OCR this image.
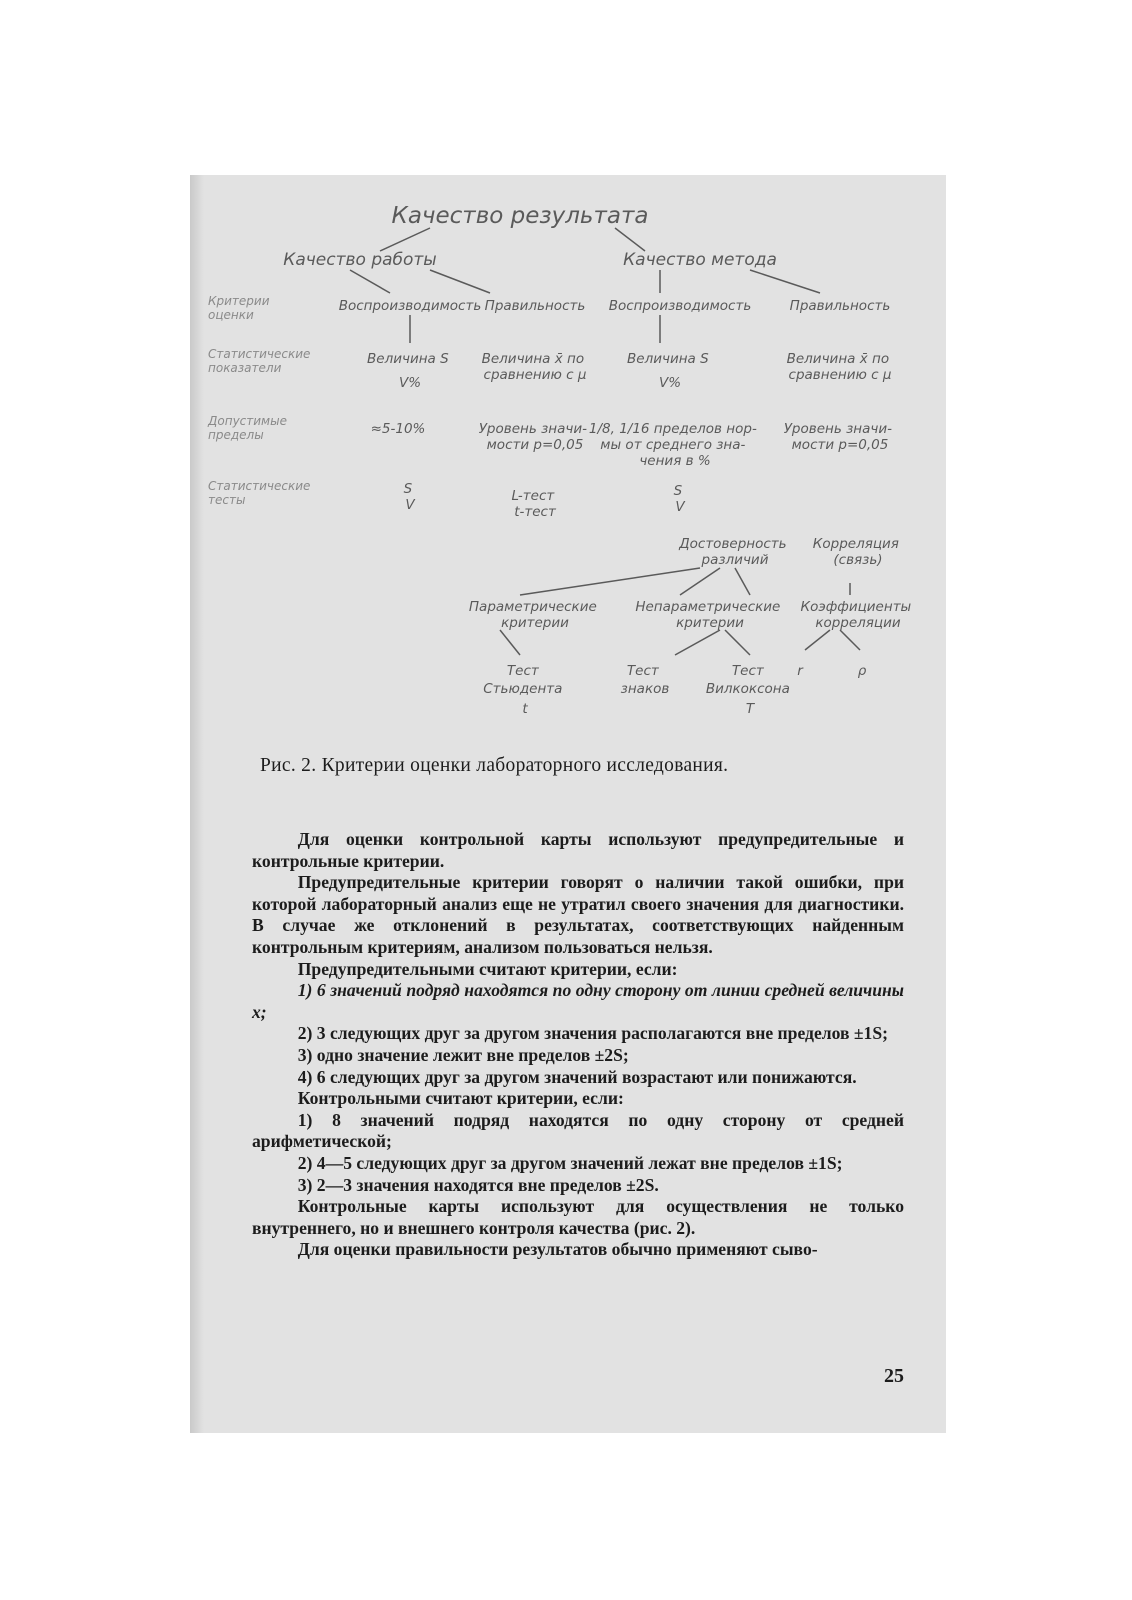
Качество результата
Качество работы	Качество метода
Критерии оценки
Статистические показатели
Допустимые пределы
Статистические тесты
Воспроизводимость
Величина S V%
≈5-10%
S V
Правильность
Величина x̄ по сравнению с μ
Уровень значи- мости p=0,05
L-тест t-тест
Воспроизводимость
Величина S V%
1/8, 1/16 пределов нор- мы от среднего зна- чения в %
S V
Правильность
Величина x̄ по сравнению с μ
Уровень значи- мости p=0,05
Достоверность различий
Корреляция (связь)
Параметрические критерии
Непараметрические критерии
Коэффициенты корреляции
Тест Стьюдента t
Тест знаков
Тест Вилкоксона T
r	ρ
Рис. 2. Критерии оценки лабораторного исследования.

Для оценки контрольной карты используют предупредительные и контрольные критерии.

Предупредительные критерии говорят о наличии такой ошибки, при которой лабораторный анализ еще не утратил своего значения для диагностики. В случае же отклонений в результатах, соответствующих найденным контрольным критериям, анализом пользоваться нельзя.

Предупредительными считают критерии, если:

1) 6 значений подряд находятся по одну сторону от линии средней величины x;

2) 3 следующих друг за другом значения располагаются вне пределов ±1S;

3) одно значение лежит вне пределов ±2S;

4) 6 следующих друг за другом значений возрастают или понижаются.

Контрольными считают критерии, если:

1) 8 значений подряд находятся по одну сторону от средней арифметической;

2) 4—5 следующих друг за другом значений лежат вне пределов ±1S;

3) 2—3 значения находятся вне пределов ±2S.

Контрольные карты используют для осуществления не только внутреннего, но и внешнего контроля качества (рис. 2).

Для оценки правильности результатов обычно применяют сыво-

25
